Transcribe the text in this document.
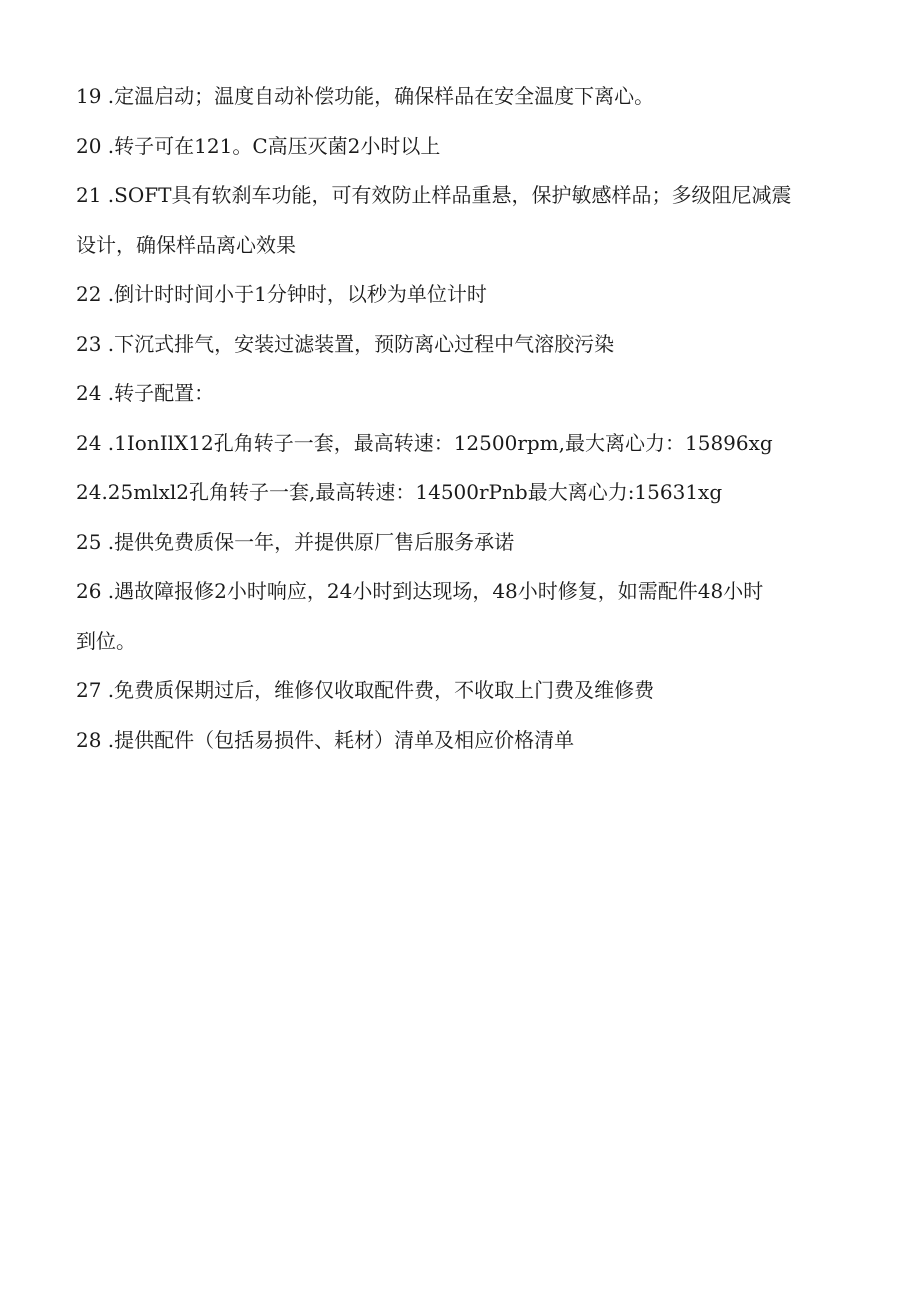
19 .定温启动；温度自动补偿功能，确保样品在安全温度下离心。
20 .转子可在121。C高压灭菌2小时以上
21 .SOFT具有软刹车功能，可有效防止样品重悬，保护敏感样品；多级阻尼减震
设计，确保样品离心效果
22 .倒计时时间小于1分钟时，以秒为单位计时
23 .下沉式排气，安装过滤装置，预防离心过程中气溶胶污染
24 .转子配置：
24 .1IonIlX12孔角转子一套，最高转速：12500rpm,最大离心力：15896xg
24.25mlxl2孔角转子一套,最高转速：14500rPnb最大离心力:15631xg
25 .提供免费质保一年，并提供原厂售后服务承诺
26 .遇故障报修2小时响应，24小时到达现场，48小时修复，如需配件48小时
到位。
27 .免费质保期过后，维修仅收取配件费，不收取上门费及维修费
28 .提供配件（包括易损件、耗材）清单及相应价格清单
